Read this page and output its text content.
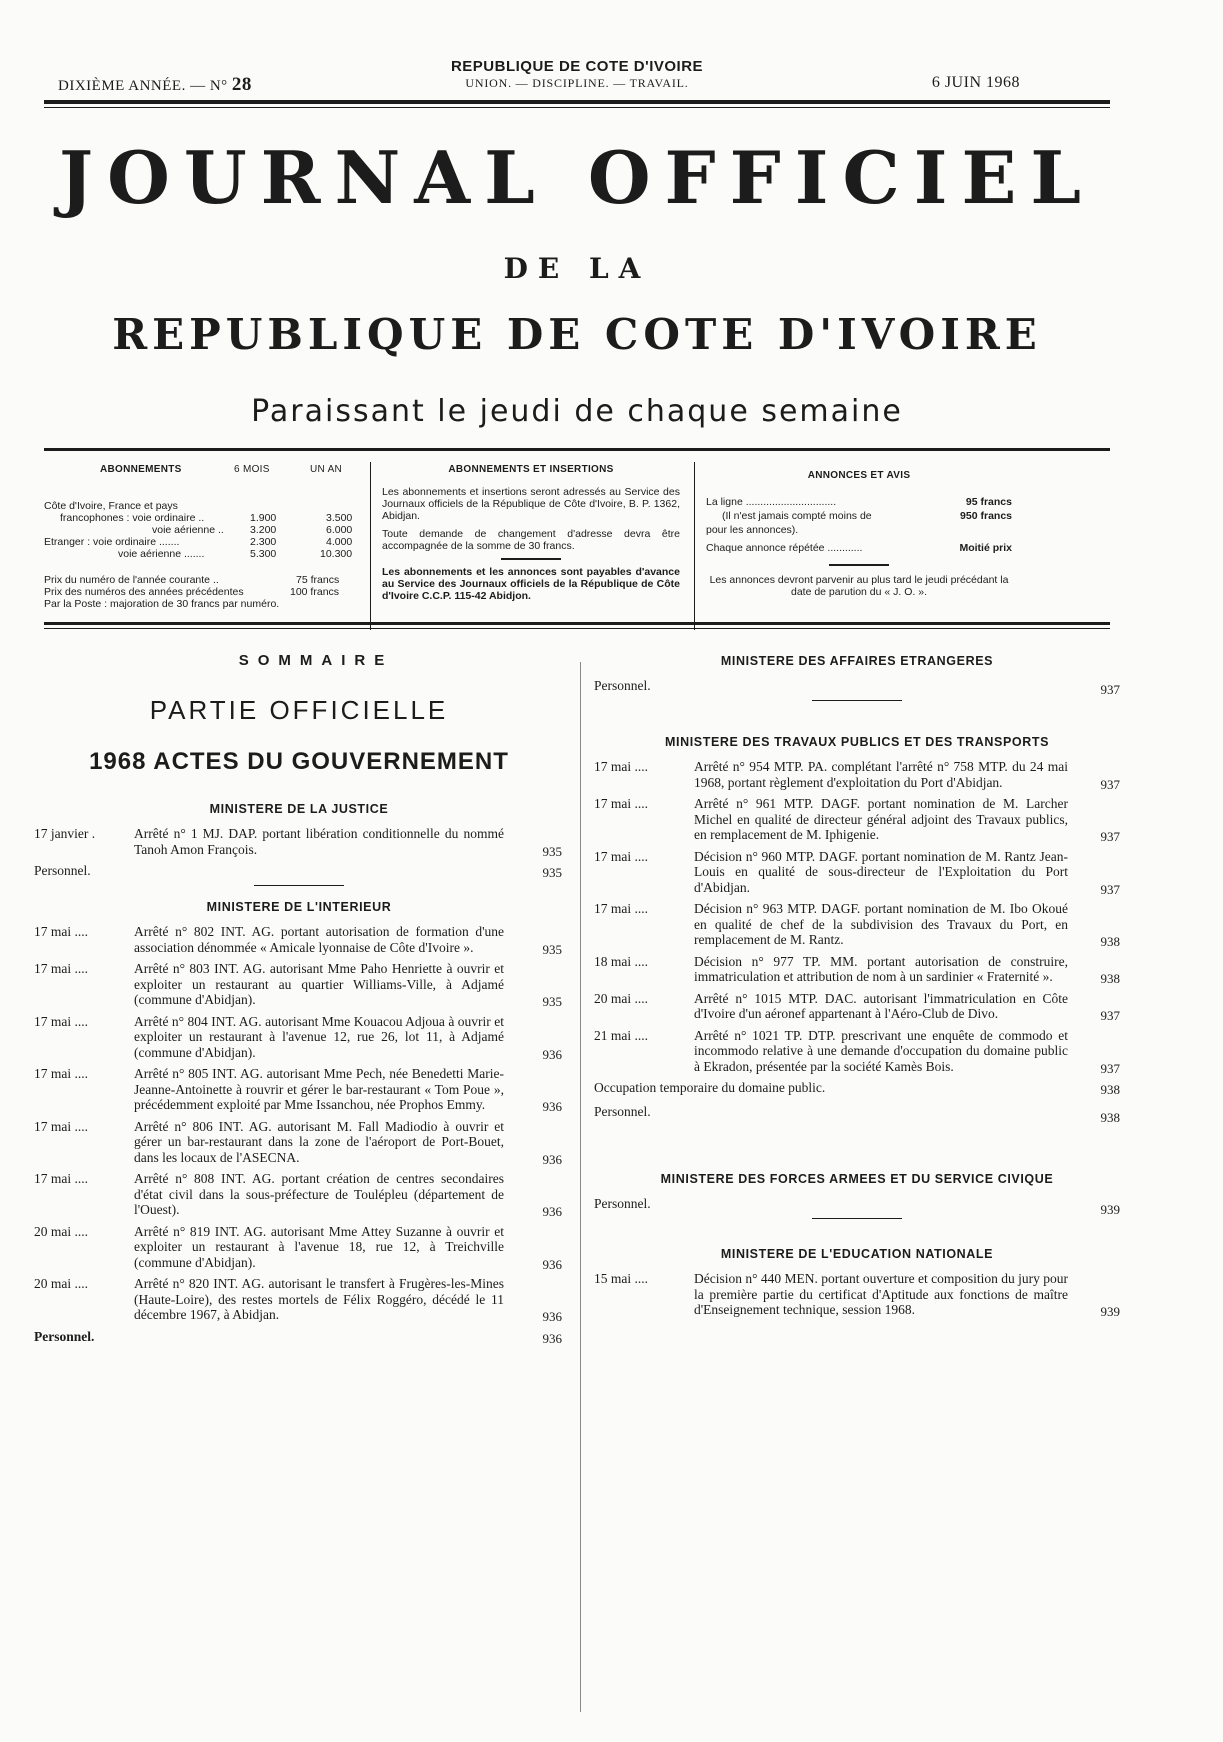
DIXIÈME ANNÉE. — N° 28
REPUBLIQUE DE COTE D'IVOIRE
UNION. — DISCIPLINE. — TRAVAIL.	6 JUIN 1968
JOURNAL OFFICIEL
DE LA
REPUBLIQUE DE COTE D'IVOIRE
Paraissant le jeudi de chaque semaine
ABONNEMENTS	6 MOIS	UN AN
Côte d'Ivoire, France et pays
francophones : voie ordinaire ..	1.900	3.500
voie aérienne .. 3.200	6.000
Etranger : voie ordinaire .......	2.300	4.000
voie aérienne .......	5.300	10.300
Prix du numéro de l'année courante ..	75 francs
Prix des numéros des années précédentes	100 francs
Par la Poste : majoration de 30 francs par numéro.
ABONNEMENTS ET INSERTIONS

Les abonnements et insertions seront adressés au Service des Journaux officiels de la République de Côte d'Ivoire, B. P. 1362, Abidjan.

Toute demande de changement d'adresse devra être accompagnée de la somme de 30 francs.

Les abonnements et les annonces sont payables d'avance au Service des Journaux officiels de la République de Côte d'Ivoire C.C.P. 115-42 Abidjon.

ANNONCES ET AVIS
La ligne ...............................	95 francs
(Il n'est jamais compté moins de	950 francs
pour les annonces).
Chaque annonce répétée ............	Moitié prix

Les annonces devront parvenir au plus tard le jeudi précédant la date de parution du « J. O. ».

SOMMAIRE
PARTIE OFFICIELLE
1968 ACTES DU GOUVERNEMENT
MINISTERE DE LA JUSTICE
17 janvier .	Arrêté n° 1 MJ. DAP. portant libération conditionnelle du nommé Tanoh Amon François.	935
Personnel.	935
MINISTERE DE L'INTERIEUR
17 mai ....	Arrêté n° 802 INT. AG. portant autorisation de formation d'une association dénommée « Amicale lyonnaise de Côte d'Ivoire ».	935
17 mai ....	Arrêté n° 803 INT. AG. autorisant Mme Paho Henriette à ouvrir et exploiter un restaurant au quartier Williams-Ville, à Adjamé (commune d'Abidjan).	935
17 mai ....	Arrêté n° 804 INT. AG. autorisant Mme Kouacou Adjoua à ouvrir et exploiter un restaurant à l'avenue 12, rue 26, lot 11, à Adjamé (commune d'Abidjan).	936
17 mai ....	Arrêté n° 805 INT. AG. autorisant Mme Pech, née Benedetti Marie-Jeanne-Antoinette à rouvrir et gérer le bar-restaurant « Tom Poue », précédemment exploité par Mme Issanchou, née Prophos Emmy.	936
17 mai ....	Arrêté n° 806 INT. AG. autorisant M. Fall Madiodio à ouvrir et gérer un bar-restaurant dans la zone de l'aéroport de Port-Bouet, dans les locaux de l'ASECNA.	936
17 mai ....	Arrêté n° 808 INT. AG. portant création de centres secondaires d'état civil dans la sous-préfecture de Toulépleu (département de l'Ouest).	936
20 mai ....	Arrêté n° 819 INT. AG. autorisant Mme Attey Suzanne à ouvrir et exploiter un restaurant à l'avenue 18, rue 12, à Treichville (commune d'Abidjan).	936
20 mai ....	Arrêté n° 820 INT. AG. autorisant le transfert à Frugères-les-Mines (Haute-Loire), des restes mortels de Félix Roggéro, décédé le 11 décembre 1967, à Abidjan.	936
Personnel.	936
MINISTERE DES AFFAIRES ETRANGERES
Personnel.	937
MINISTERE DES TRAVAUX PUBLICS ET DES TRANSPORTS
17 mai ....	Arrêté n° 954 MTP. PA. complétant l'arrêté n° 758 MTP. du 24 mai 1968, portant règlement d'exploitation du Port d'Abidjan.	937
17 mai ....	Arrêté n° 961 MTP. DAGF. portant nomination de M. Larcher Michel en qualité de directeur général adjoint des Travaux publics, en remplacement de M. Iphigenie.	937
17 mai ....	Décision n° 960 MTP. DAGF. portant nomination de M. Rantz Jean-Louis en qualité de sous-directeur de l'Exploitation du Port d'Abidjan.	937
17 mai ....	Décision n° 963 MTP. DAGF. portant nomination de M. Ibo Okoué en qualité de chef de la subdivision des Travaux du Port, en remplacement de M. Rantz.	938
18 mai ....	Décision n° 977 TP. MM. portant autorisation de construire, immatriculation et attribution de nom à un sardinier « Fraternité ».	938
20 mai ....	Arrêté n° 1015 MTP. DAC. autorisant l'immatriculation en Côte d'Ivoire d'un aéronef appartenant à l'Aéro-Club de Divo.	937
21 mai ....	Arrêté n° 1021 TP. DTP. prescrivant une enquête de commodo et incommodo relative à une demande d'occupation du domaine public à Ekradon, présentée par la société Kamès Bois.	937
Occupation temporaire du domaine public.	938
Personnel.	938
MINISTERE DES FORCES ARMEES ET DU SERVICE CIVIQUE
Personnel.	939
MINISTERE DE L'EDUCATION NATIONALE
15 mai ....	Décision n° 440 MEN. portant ouverture et composition du jury pour la première partie du certificat d'Aptitude aux fonctions de maître d'Enseignement technique, session 1968.	939
